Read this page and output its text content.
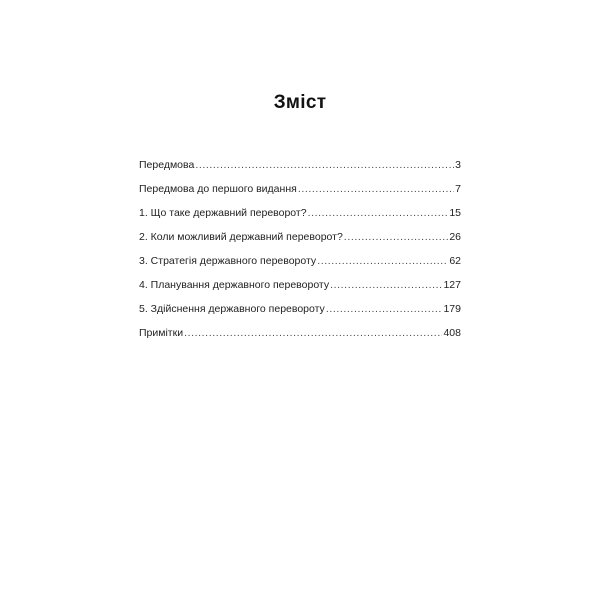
Зміст
Передмова .....	3
Передмова до першого видання .....	7
1. Що таке державний переворот? .....	15
2. Коли можливий державний переворот? .....	26
3. Стратегія державного перевороту .....	62
4. Планування державного перевороту .....	127
5. Здійснення державного перевороту .....	179
Примітки .....	408
